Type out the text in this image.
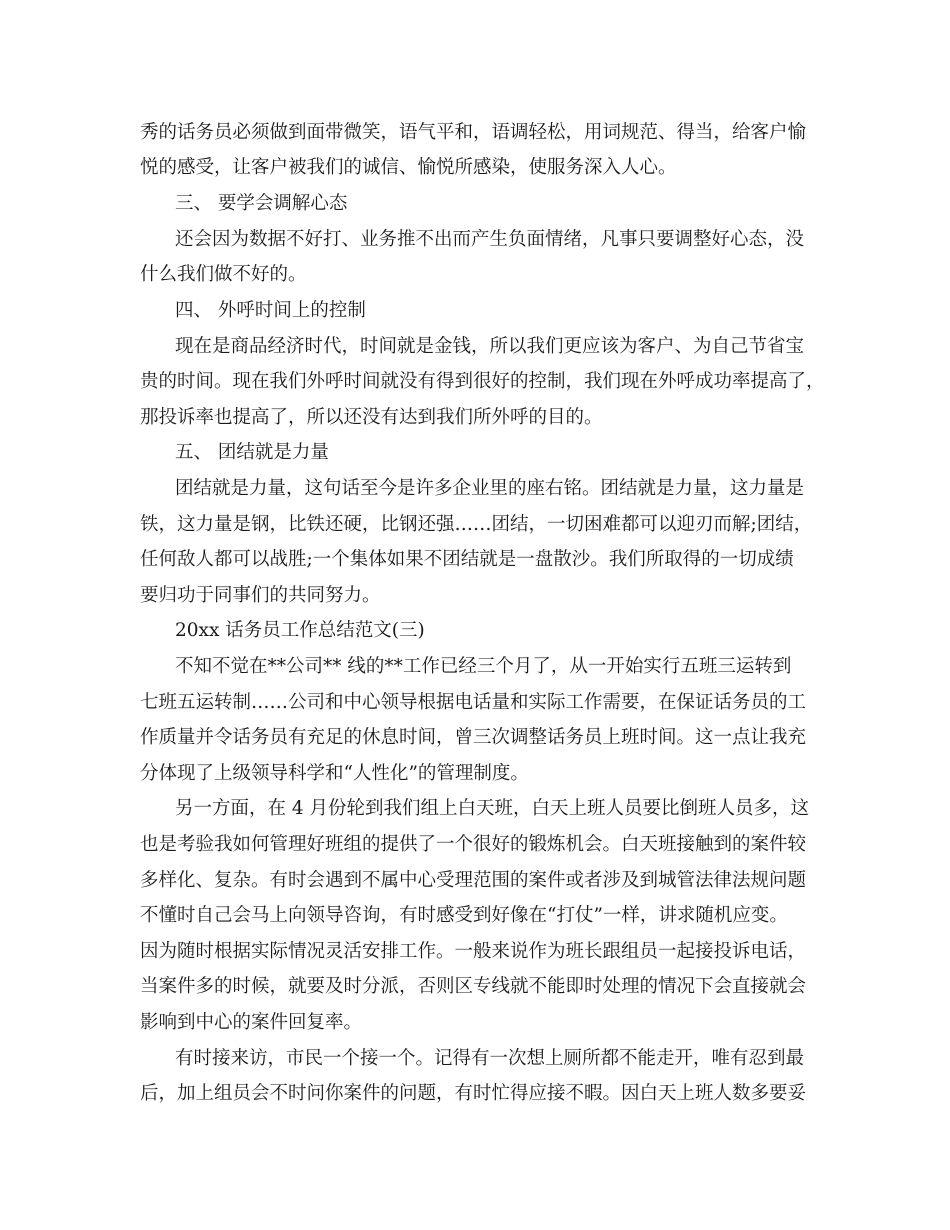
秀的话务员必须做到面带微笑，语气平和，语调轻松，用词规范、得当，给客户愉
悦的感受，让客户被我们的诚信、愉悦所感染，使服务深入人心。
三、 要学会调解心态
还会因为数据不好打、业务推不出而产生负面情绪，凡事只要调整好心态，没
什么我们做不好的。
四、 外呼时间上的控制
现在是商品经济时代，时间就是金钱，所以我们更应该为客户、为自己节省宝
贵的时间。现在我们外呼时间就没有得到很好的控制，我们现在外呼成功率提高了，
那投诉率也提高了，所以还没有达到我们所外呼的目的。
五、 团结就是力量
团结就是力量，这句话至今是许多企业里的座右铭。团结就是力量，这力量是
铁，这力量是钢，比铁还硬，比钢还强……团结，一切困难都可以迎刃而解;团结，
任何敌人都可以战胜;一个集体如果不团结就是一盘散沙。我们所取得的一切成绩
要归功于同事们的共同努力。
20xx 话务员工作总结范文(三)
不知不觉在**公司** 线的**工作已经三个月了，从一开始实行五班三运转到
七班五运转制……公司和中心领导根据电话量和实际工作需要，在保证话务员的工
作质量并令话务员有充足的休息时间，曾三次调整话务员上班时间。这一点让我充
分体现了上级领导科学和“人性化”的管理制度。
另一方面，在 4 月份轮到我们组上白天班，白天上班人员要比倒班人员多，这
也是考验我如何管理好班组的提供了一个很好的锻炼机会。白天班接触到的案件较
多样化、复杂。有时会遇到不属中心受理范围的案件或者涉及到城管法律法规问题
不懂时自己会马上向领导咨询，有时感受到好像在“打仗”一样，讲求随机应变。
因为随时根据实际情况灵活安排工作。一般来说作为班长跟组员一起接投诉电话，
当案件多的时候，就要及时分派，否则区专线就不能即时处理的情况下会直接就会
影响到中心的案件回复率。
有时接来访，市民一个接一个。记得有一次想上厕所都不能走开，唯有忍到最
后，加上组员会不时问你案件的问题，有时忙得应接不暇。因白天上班人数多要妥
